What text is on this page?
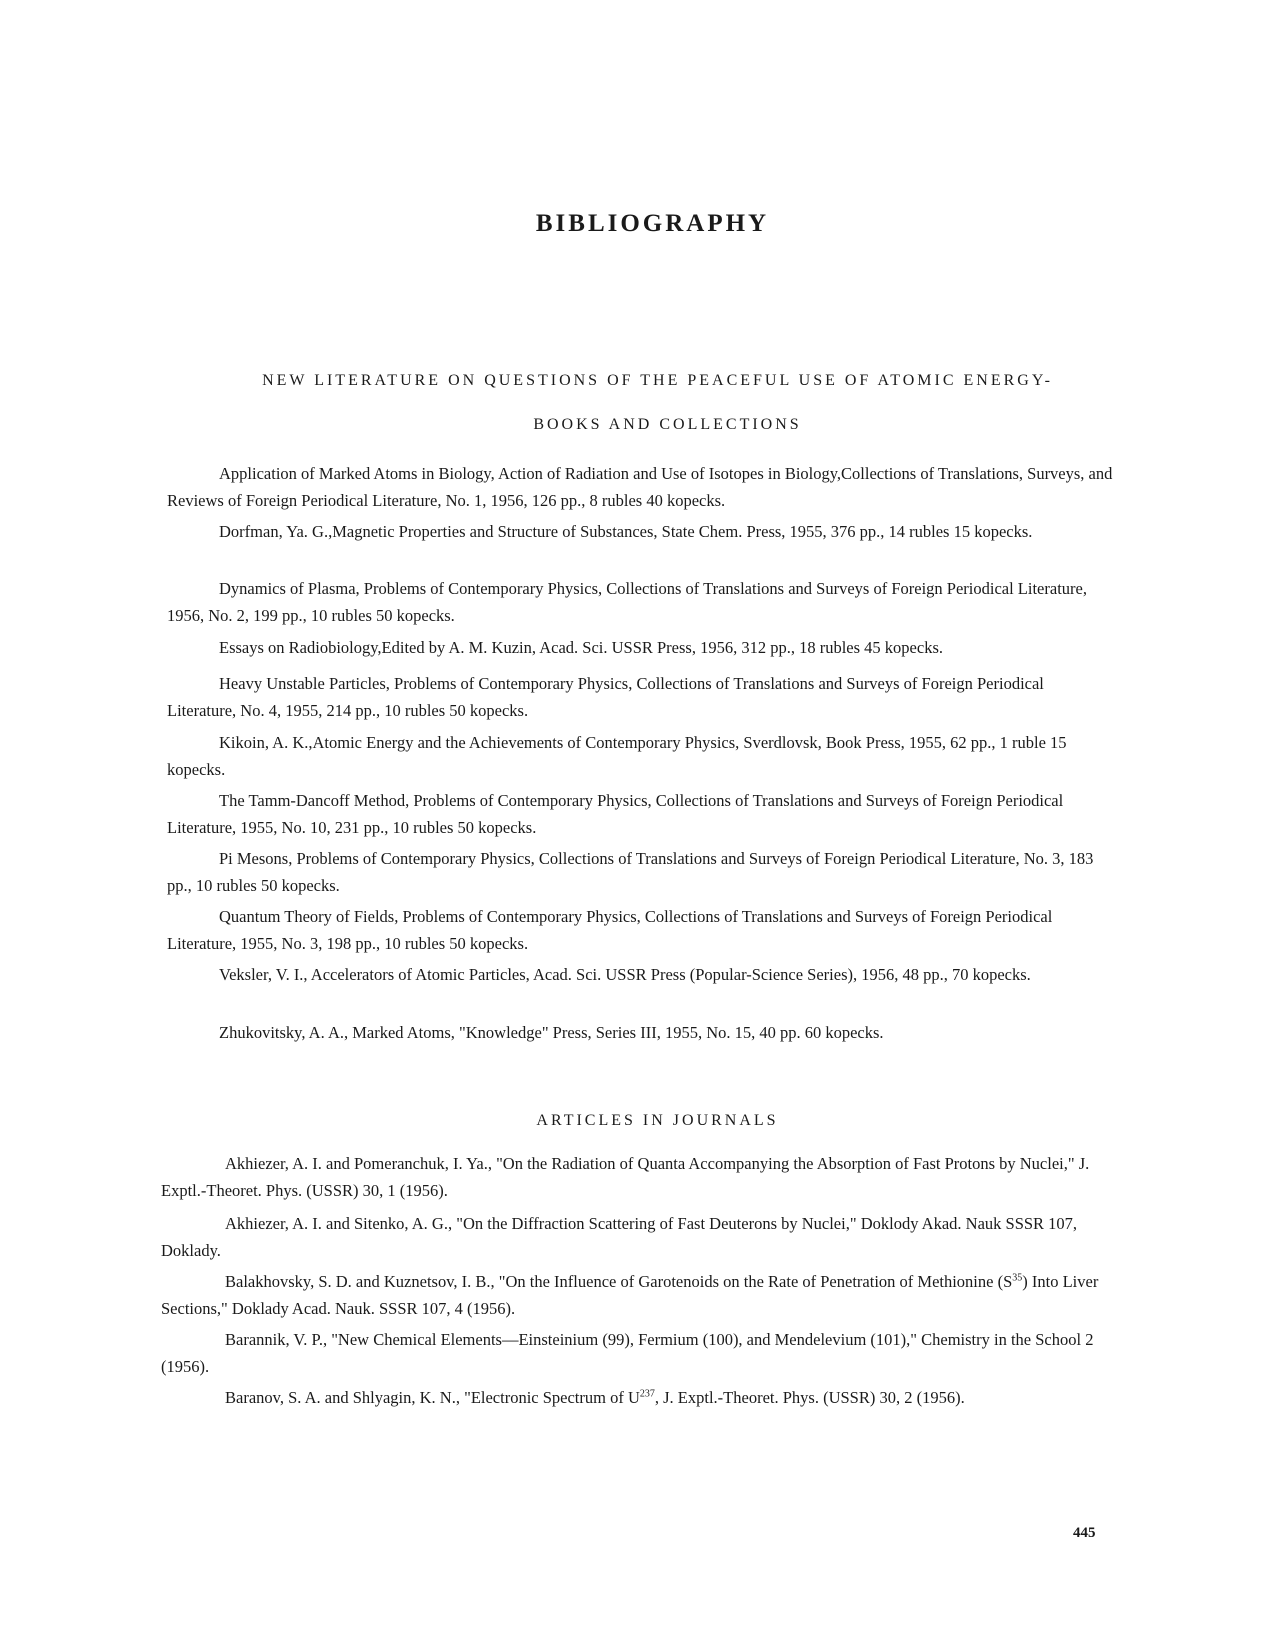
BIBLIOGRAPHY
NEW LITERATURE ON QUESTIONS OF THE PEACEFUL USE OF ATOMIC ENERGY-
BOOKS AND COLLECTIONS
Application of Marked Atoms in Biology, Action of Radiation and Use of Isotopes in Biology,Collections of Translations, Surveys, and Reviews of Foreign Periodical Literature, No. 1, 1956, 126 pp., 8 rubles 40 kopecks.
Dorfman, Ya. G.,Magnetic Properties and Structure of Substances, State Chem. Press, 1955, 376 pp., 14 rubles 15 kopecks.
Dynamics of Plasma, Problems of Contemporary Physics, Collections of Translations and Surveys of Foreign Periodical Literature, 1956, No. 2, 199 pp., 10 rubles 50 kopecks.
Essays on Radiobiology,Edited by A. M. Kuzin, Acad. Sci. USSR Press, 1956, 312 pp., 18 rubles 45 kopecks.
Heavy Unstable Particles, Problems of Contemporary Physics, Collections of Translations and Surveys of Foreign Periodical Literature, No. 4, 1955, 214 pp., 10 rubles 50 kopecks.
Kikoin, A. K.,Atomic Energy and the Achievements of Contemporary Physics, Sverdlovsk, Book Press, 1955, 62 pp., 1 ruble 15 kopecks.
The Tamm-Dancoff Method, Problems of Contemporary Physics, Collections of Translations and Surveys of Foreign Periodical Literature, 1955, No. 10, 231 pp., 10 rubles 50 kopecks.
Pi Mesons, Problems of Contemporary Physics, Collections of Translations and Surveys of Foreign Periodical Literature, No. 3, 183 pp., 10 rubles 50 kopecks.
Quantum Theory of Fields, Problems of Contemporary Physics, Collections of Translations and Surveys of Foreign Periodical Literature, 1955, No. 3, 198 pp., 10 rubles 50 kopecks.
Veksler, V. I., Accelerators of Atomic Particles, Acad. Sci. USSR Press (Popular-Science Series), 1956, 48 pp., 70 kopecks.
Zhukovitsky, A. A., Marked Atoms, "Knowledge" Press, Series III, 1955, No. 15, 40 pp. 60 kopecks.
ARTICLES IN JOURNALS
Akhiezer, A. I. and Pomeranchuk, I. Ya., "On the Radiation of Quanta Accompanying the Absorption of Fast Protons by Nuclei," J. Exptl.-Theoret. Phys. (USSR) 30, 1 (1956).
Akhiezer, A. I. and Sitenko, A. G., "On the Diffraction Scattering of Fast Deuterons by Nuclei," Doklody Akad. Nauk SSSR 107, Doklady.
Balakhovsky, S. D. and Kuznetsov, I. B., "On the Influence of Garotenoids on the Rate of Penetration of Methionine $(S^{35})$ Into Liver Sections," Doklady Acad. Nauk. SSSR 107, 4 (1956).
Barannik, V. P., "New Chemical Elements—Einsteinium (99), Fermium (100), and Mendelevium (101)," Chemistry in the School 2 (1956).
Baranov, S. A. and Shlyagin, K. N., "Electronic Spectrum of $U^{237}$, J. Exptl.-Theoret. Phys. (USSR) 30, 2 (1956).
445
